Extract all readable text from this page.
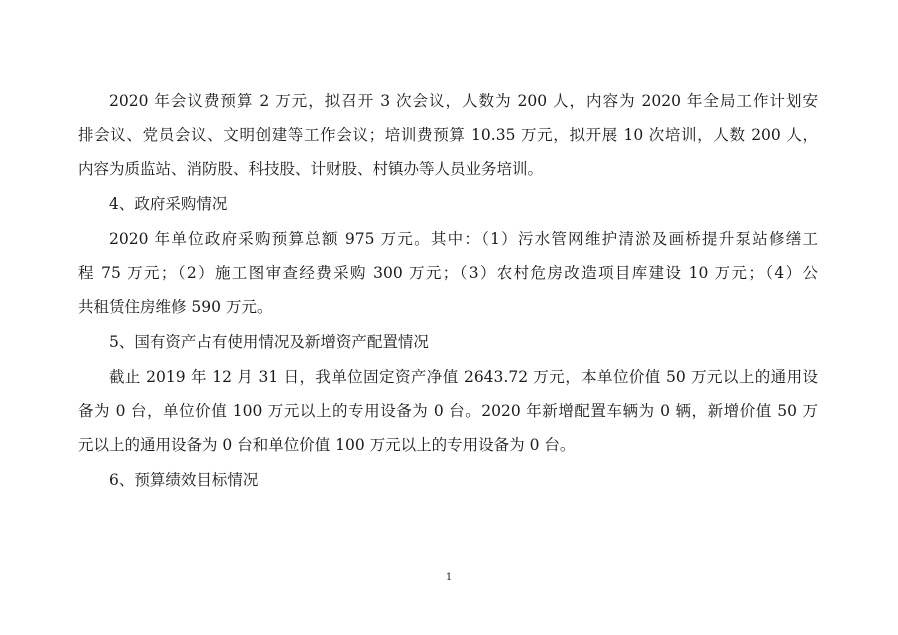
2020 年会议费预算 2 万元，拟召开 3 次会议，人数为 200 人，内容为 2020 年全局工作计划安
排会议、党员会议、文明创建等工作会议；培训费预算 10.35 万元，拟开展 10 次培训，人数 200 人，
内容为质监站、消防股、科技股、计财股、村镇办等人员业务培训。
4、政府采购情况
2020 年单位政府采购预算总额 975 万元。其中：（1）污水管网维护清淤及画桥提升泵站修缮工
程 75 万元；（2）施工图审查经费采购 300 万元；（3）农村危房改造项目库建设 10 万元；（4）公
共租赁住房维修 590 万元。
5、国有资产占有使用情况及新增资产配置情况
截止 2019 年 12 月 31 日，我单位固定资产净值 2643.72 万元，本单位价值 50 万元以上的通用设
备为 0 台，单位价值 100 万元以上的专用设备为 0 台。2020 年新增配置车辆为 0 辆，新增价值 50 万
元以上的通用设备为 0 台和单位价值 100 万元以上的专用设备为 0 台。
6、预算绩效目标情况
1
